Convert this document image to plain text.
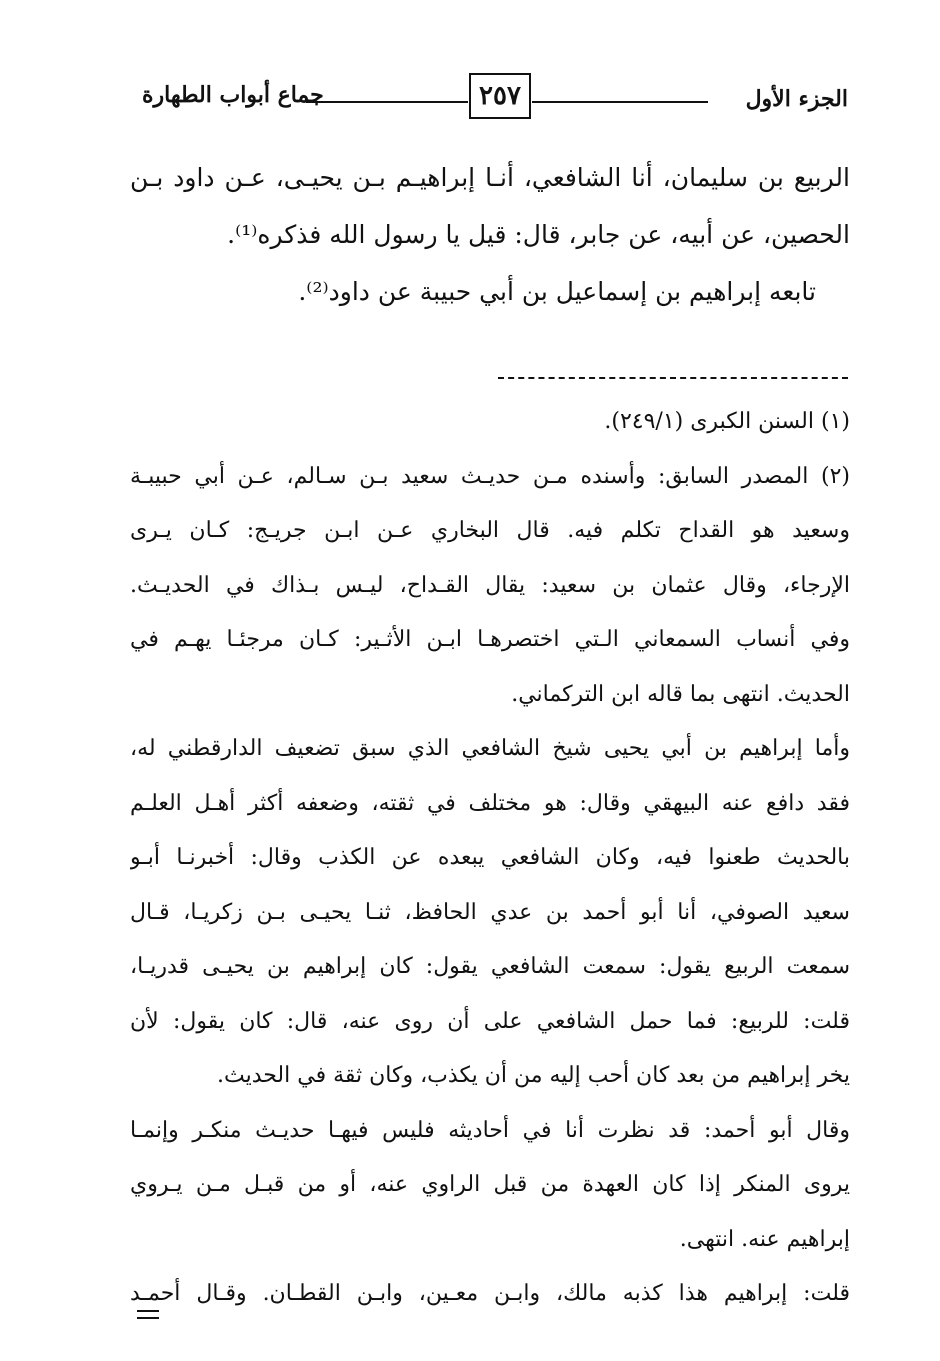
الجزء الأول
٢٥٧
جماع أبواب الطهارة
الربيع بن سليمان، أنا الشافعي، أنـا إبراهيـم بـن يحيـى، عـن داود بـن
الحصين، عن أبيه، عن جابر، قال: قيل يا رسول الله فذكره⁽¹⁾.
تابعه إبراهيم بن إسماعيل بن أبي حبيبة عن داود⁽²⁾.
(١) السنن الكبرى (٢٤٩/١).
(٢) المصدر السابق: وأسنده مـن حديـث سعيد بـن سـالم، عـن أبي حبيبـة
وسعيد هو القداح تكلم فيه. قال البخاري عـن ابـن جريـج: كـان يـرى
الإرجاء، وقال عثمان بن سعيد: يقال القـداح، ليـس بـذاك في الحديـث.
وفي أنساب السمعاني الـتي اختصرهـا ابـن الأثـير: كـان مرجئـا يهـم في
الحديث. انتهى بما قاله ابن التركماني.
وأما إبراهيم بن أبي يحيى شيخ الشافعي الذي سبق تضعيف الدارقطني له،
فقد دافع عنه البيهقي وقال: هو مختلف في ثقته، وضعفه أكثر أهـل العلـم
بالحديث طعنوا فيه، وكان الشافعي يبعده عن الكذب وقال: أخبرنـا أبـو
سعيد الصوفي، أنا أبو أحمد بن عدي الحافظ، ثنـا يحيـى بـن زكريـا، قـال
سمعت الربيع يقول: سمعت الشافعي يقول: كان إبراهيم بن يحيـى قدريـا،
قلت: للربيع: فما حمل الشافعي على أن روى عنه، قال: كان يقول: لأن
يخر إبراهيم من بعد كان أحب إليه من أن يكذب، وكان ثقة في الحديث.
وقال أبو أحمد: قد نظرت أنا في أحاديثه فليس فيهـا حديـث منكـر وإنمـا
يروى المنكر إذا كان العهدة من قبل الراوي عنه، أو من قبـل مـن يـروي
إبراهيم عنه. انتهى.
قلت: إبراهيم هذا كذبه مالك، وابـن معـين، وابـن القطـان. وقـال أحمـد
